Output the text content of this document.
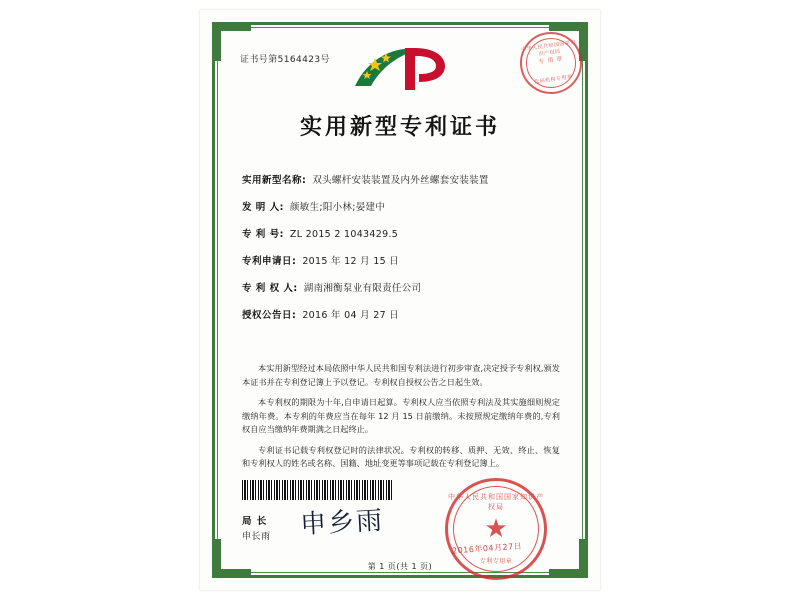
证书号第5164423号
中华人民共和国国家知识产权局
专 用 章
代码机构专用章
实用新型专利证书
实用新型名称: 双头螺杆安装装置及内外丝螺套安装装置
发 明 人: 颜敏生;阳小林;晏建中
专 利 号: ZL 2015 2 1043429.5
专利申请日: 2015 年 12 月 15 日
专 利 权 人: 湖南湘衡泵业有限责任公司
授权公告日: 2016 年 04 月 27 日

本实用新型经过本局依照中华人民共和国专利法进行初步审查,决定授予专利权,颁发本证书并在专利登记簿上予以登记。专利权自授权公告之日起生效。

本专利权的期限为十年,自申请日起算。专利权人应当依照专利法及其实施细则规定缴纳年费。本专利的年费应当在每年 12 月 15 日前缴纳。未按照规定缴纳年费的,专利权自应当缴纳年费期满之日起终止。

专利证书记载专利权登记时的法律状况。专利权的转移、质押、无效、终止、恢复和专利权人的姓名或名称、国籍、地址变更等事项记载在专利登记簿上。

局 长
申长雨 申乡雨
中华人民共和国国家知识产权局
★
专利专用章
2016年04月27日
第 1 页(共 1 页)
